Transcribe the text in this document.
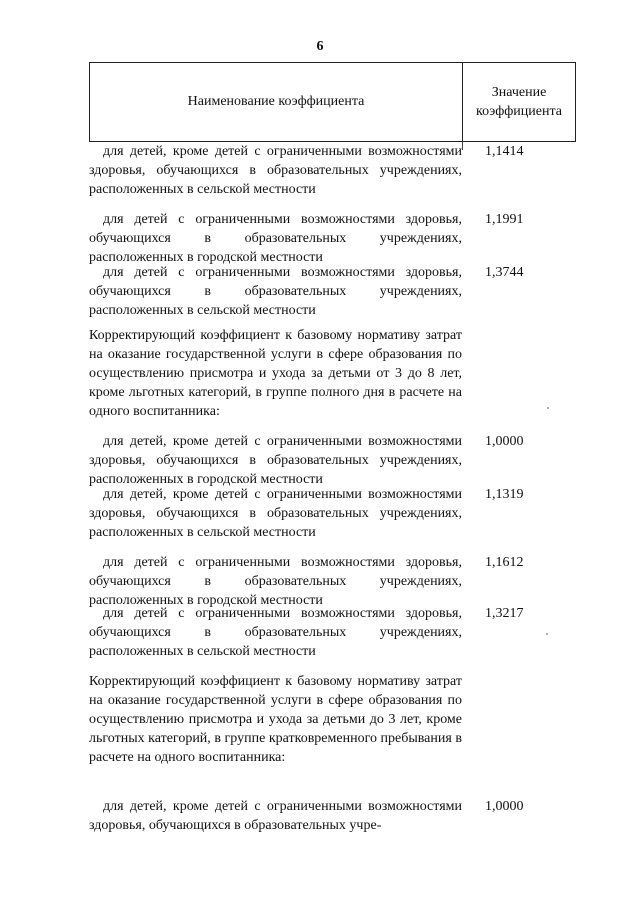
6
Наименование коэффициента
Значение
коэффициента
для детей, кроме детей с ограниченными возможностями здоровья, обучающихся в образовательных учреждениях, расположенных в сельской местности
1,1414
для детей с ограниченными возможностями здоровья, обучающихся в образовательных учреждениях, расположенных в городской местности
1,1991
для детей с ограниченными возможностями здоровья, обучающихся в образовательных учреждениях, расположенных в сельской местности
1,3744
Корректирующий коэффициент к базовому нормативу затрат на оказание государственной услуги в сфере образования по осуществлению присмотра и ухода за детьми от 3 до 8 лет, кроме льготных категорий, в группе полного дня в расчете на одного воспитанника:
для детей, кроме детей с ограниченными возможностями здоровья, обучающихся в образовательных учреждениях, расположенных в городской местности
1,0000
для детей, кроме детей с ограниченными возможностями здоровья, обучающихся в образовательных учреждениях, расположенных в сельской местности
1,1319
для детей с ограниченными возможностями здоровья, обучающихся в образовательных учреждениях, расположенных в городской местности
1,1612
для детей с ограниченными возможностями здоровья, обучающихся в образовательных учреждениях, расположенных в сельской местности
1,3217
Корректирующий коэффициент к базовому нормативу затрат на оказание государственной услуги в сфере образования по осуществлению присмотра и ухода за детьми до 3 лет, кроме льготных категорий, в группе кратковременного пребывания в расчете на одного воспитанника:
для детей, кроме детей с ограниченными возможностями здоровья, обучающихся в образовательных учре-
1,0000
